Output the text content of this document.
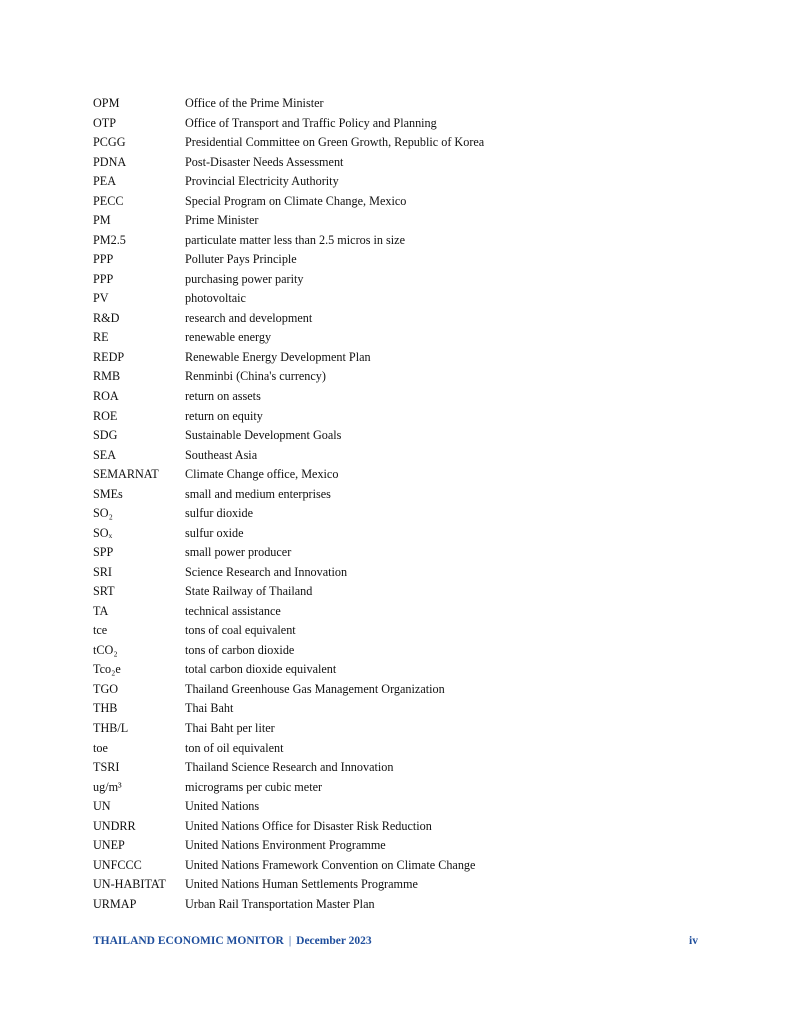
OPM	Office of the Prime Minister
OTP	Office of Transport and Traffic Policy and Planning
PCGG	Presidential Committee on Green Growth, Republic of Korea
PDNA	Post-Disaster Needs Assessment
PEA	Provincial Electricity Authority
PECC	Special Program on Climate Change, Mexico
PM	Prime Minister
PM2.5	particulate matter less than 2.5 micros in size
PPP	Polluter Pays Principle
PPP	purchasing power parity
PV	photovoltaic
R&D	research and development
RE	renewable energy
REDP	Renewable Energy Development Plan
RMB	Renminbi (China's currency)
ROA	return on assets
ROE	return on equity
SDG	Sustainable Development Goals
SEA	Southeast Asia
SEMARNAT	Climate Change office, Mexico
SMEs	small and medium enterprises
SO₂	sulfur dioxide
SOₓ	sulfur oxide
SPP	small power producer
SRI	Science Research and Innovation
SRT	State Railway of Thailand
TA	technical assistance
tce	tons of coal equivalent
tCO₂	tons of carbon dioxide
Tco₂e	total carbon dioxide equivalent
TGO	Thailand Greenhouse Gas Management Organization
THB	Thai Baht
THB/L	Thai Baht per liter
toe	ton of oil equivalent
TSRI	Thailand Science Research and Innovation
ug/m³	micrograms per cubic meter
UN	United Nations
UNDRR	United Nations Office for Disaster Risk Reduction
UNEP	United Nations Environment Programme
UNFCCC	United Nations Framework Convention on Climate Change
UN-HABITAT	United Nations Human Settlements Programme
URMAP	Urban Rail Transportation Master Plan
THAILAND ECONOMIC MONITOR | December 2023	iv
